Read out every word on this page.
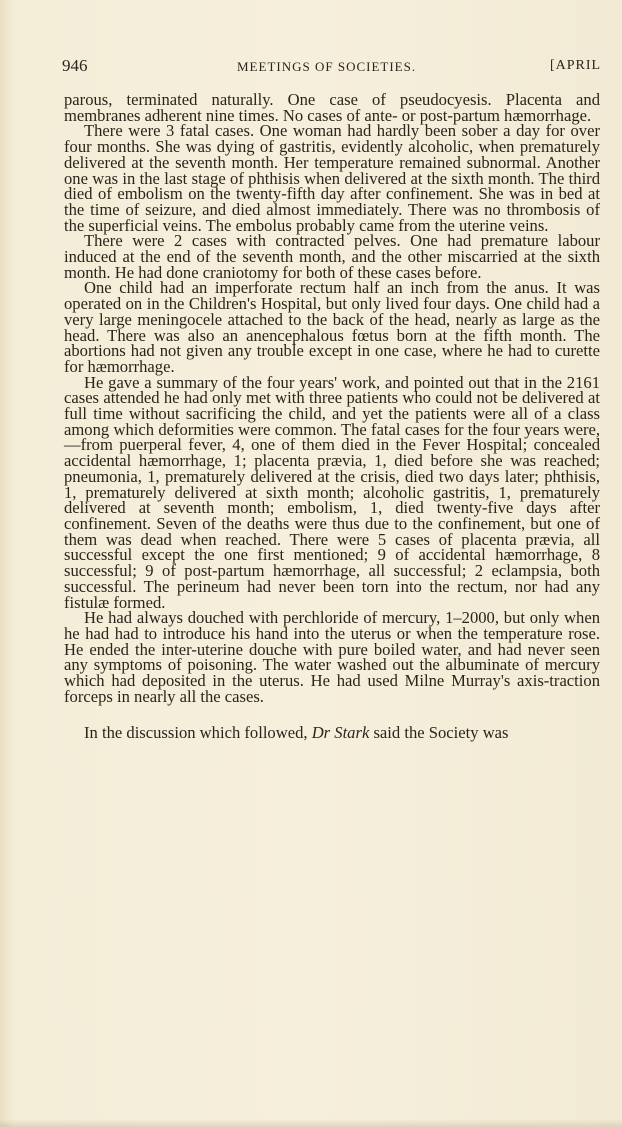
946	MEETINGS OF SOCIETIES.	[APRIL

parous, terminated naturally. One case of pseudocyesis. Placenta and membranes adherent nine times. No cases of ante- or post-partum hæmorrhage.

There were 3 fatal cases. One woman had hardly been sober a day for over four months. She was dying of gastritis, evidently alcoholic, when prematurely delivered at the seventh month. Her temperature remained subnormal. Another one was in the last stage of phthisis when delivered at the sixth month. The third died of embolism on the twenty-fifth day after confinement. She was in bed at the time of seizure, and died almost immediately. There was no thrombosis of the superficial veins. The embolus probably came from the uterine veins.

There were 2 cases with contracted pelves. One had premature labour induced at the end of the seventh month, and the other miscarried at the sixth month. He had done craniotomy for both of these cases before.

One child had an imperforate rectum half an inch from the anus. It was operated on in the Children's Hospital, but only lived four days. One child had a very large meningocele attached to the back of the head, nearly as large as the head. There was also an anencephalous fœtus born at the fifth month. The abortions had not given any trouble except in one case, where he had to curette for hæmorrhage.

He gave a summary of the four years' work, and pointed out that in the 2161 cases attended he had only met with three patients who could not be delivered at full time without sacrificing the child, and yet the patients were all of a class among which deformities were common. The fatal cases for the four years were,—from puerperal fever, 4, one of them died in the Fever Hospital; concealed accidental hæmorrhage, 1; placenta prævia, 1, died before she was reached; pneumonia, 1, prematurely delivered at the crisis, died two days later; phthisis, 1, prematurely delivered at sixth month; alcoholic gastritis, 1, prematurely delivered at seventh month; embolism, 1, died twenty-five days after confinement. Seven of the deaths were thus due to the confinement, but one of them was dead when reached. There were 5 cases of placenta prævia, all successful except the one first mentioned; 9 of accidental hæmorrhage, 8 successful; 9 of post-partum hæmorrhage, all successful; 2 eclampsia, both successful. The perineum had never been torn into the rectum, nor had any fistulæ formed.

He had always douched with perchloride of mercury, 1–2000, but only when he had had to introduce his hand into the uterus or when the temperature rose. He ended the inter-uterine douche with pure boiled water, and had never seen any symptoms of poisoning. The water washed out the albuminate of mercury which had deposited in the uterus. He had used Milne Murray's axis-traction forceps in nearly all the cases.

In the discussion which followed, Dr Stark said the Society was
